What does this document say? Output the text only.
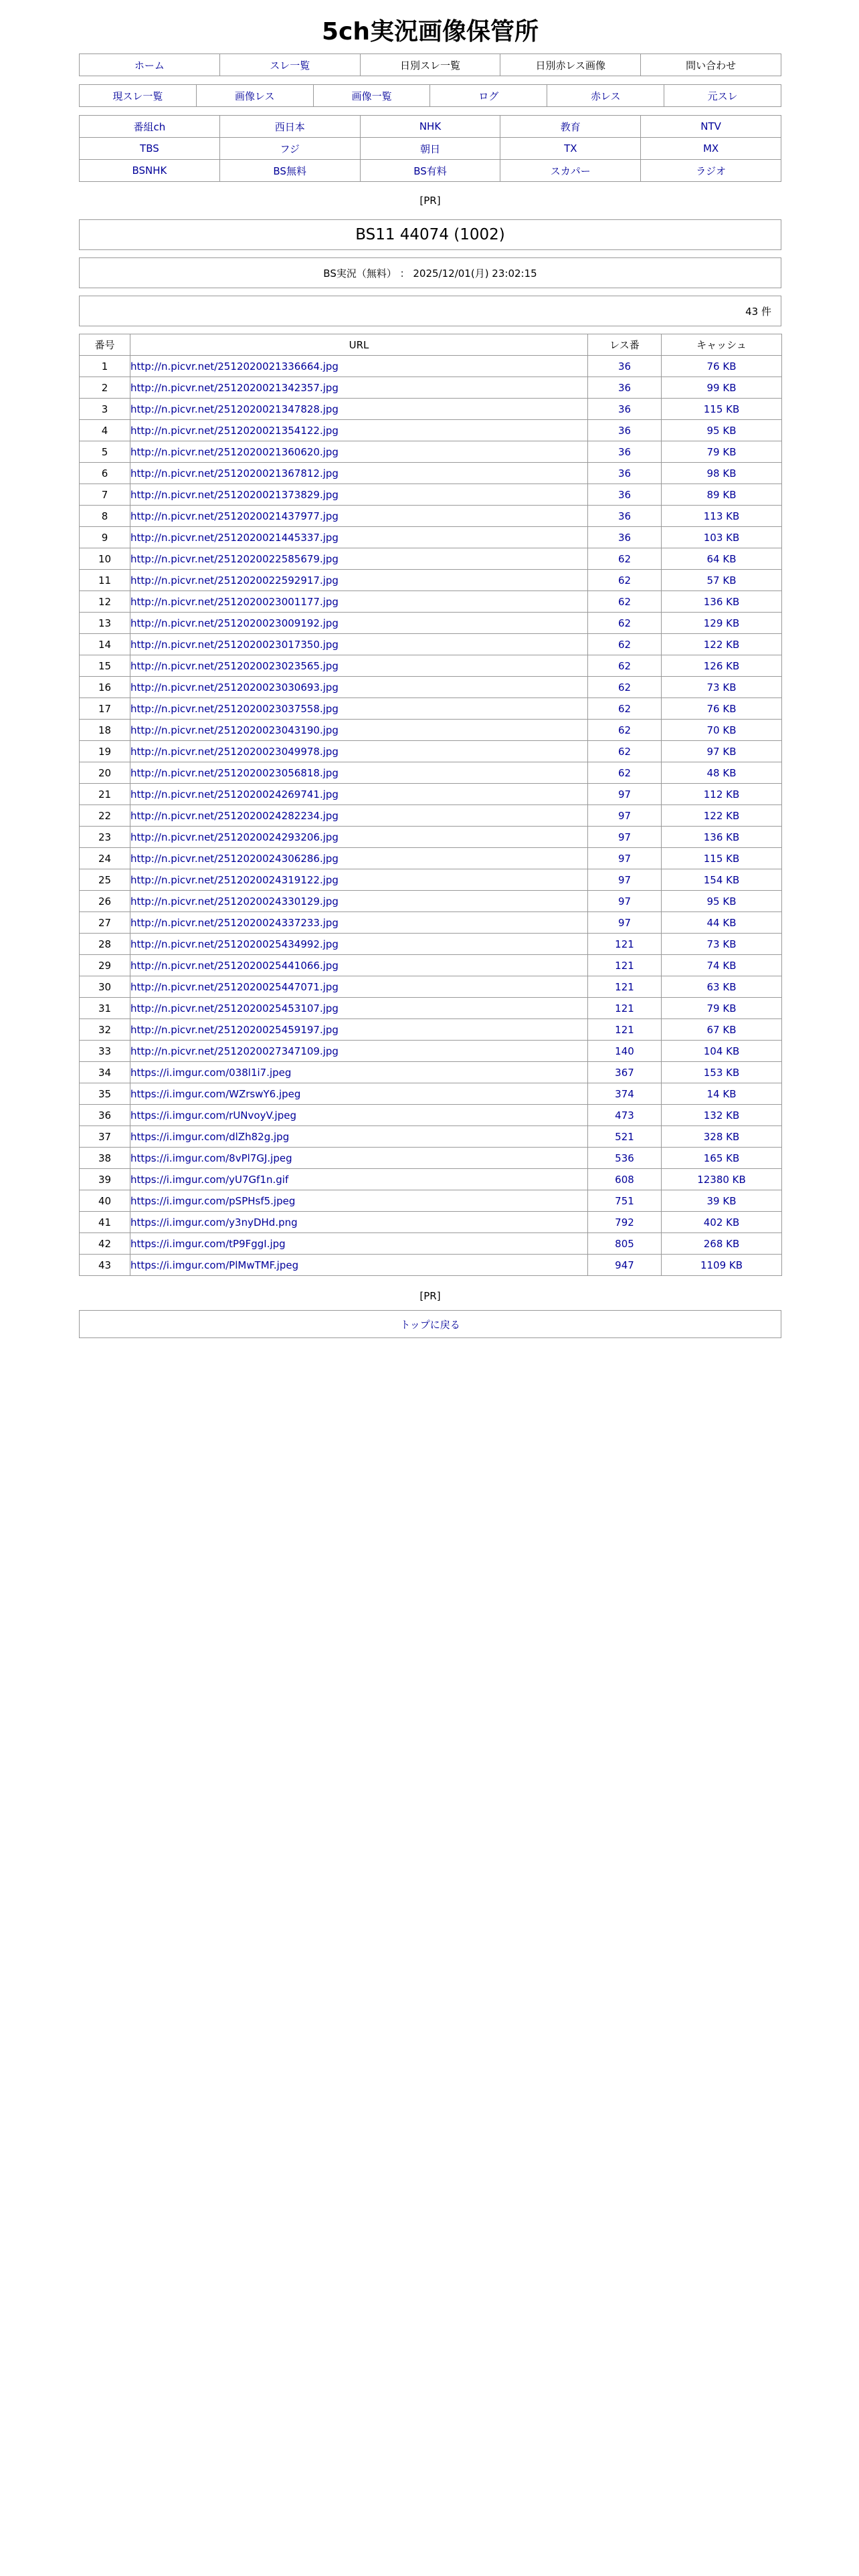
5ch実況画像保管所
ホーム	スレ一覧	日別スレ一覧	日別赤レス画像	問い合わせ
現スレ一覧	画像レス	画像一覧	ログ	赤レス	元スレ
番組ch	西日本	NHK	教育	NTV
TBS	フジ	朝日	TX	MX
BSNHK	BS無料	BS有料	スカパー	ラジオ
[PR]
BS11 44074 (1002)
BS実況（無料） ： 2025/12/01(月) 23:02:15
43 件
番号	URL	レス番	キャッシュ
1	http://n.picvr.net/2512020021336664.jpg	36	76 KB
2	http://n.picvr.net/2512020021342357.jpg	36	99 KB
3	http://n.picvr.net/2512020021347828.jpg	36	115 KB
4	http://n.picvr.net/2512020021354122.jpg	36	95 KB
5	http://n.picvr.net/2512020021360620.jpg	36	79 KB
6	http://n.picvr.net/2512020021367812.jpg	36	98 KB
7	http://n.picvr.net/2512020021373829.jpg	36	89 KB
8	http://n.picvr.net/2512020021437977.jpg	36	113 KB
9	http://n.picvr.net/2512020021445337.jpg	36	103 KB
10	http://n.picvr.net/2512020022585679.jpg	62	64 KB
11	http://n.picvr.net/2512020022592917.jpg	62	57 KB
12	http://n.picvr.net/2512020023001177.jpg	62	136 KB
13	http://n.picvr.net/2512020023009192.jpg	62	129 KB
14	http://n.picvr.net/2512020023017350.jpg	62	122 KB
15	http://n.picvr.net/2512020023023565.jpg	62	126 KB
16	http://n.picvr.net/2512020023030693.jpg	62	73 KB
17	http://n.picvr.net/2512020023037558.jpg	62	76 KB
18	http://n.picvr.net/2512020023043190.jpg	62	70 KB
19	http://n.picvr.net/2512020023049978.jpg	62	97 KB
20	http://n.picvr.net/2512020023056818.jpg	62	48 KB
21	http://n.picvr.net/2512020024269741.jpg	97	112 KB
22	http://n.picvr.net/2512020024282234.jpg	97	122 KB
23	http://n.picvr.net/2512020024293206.jpg	97	136 KB
24	http://n.picvr.net/2512020024306286.jpg	97	115 KB
25	http://n.picvr.net/2512020024319122.jpg	97	154 KB
26	http://n.picvr.net/2512020024330129.jpg	97	95 KB
27	http://n.picvr.net/2512020024337233.jpg	97	44 KB
28	http://n.picvr.net/2512020025434992.jpg	121	73 KB
29	http://n.picvr.net/2512020025441066.jpg	121	74 KB
30	http://n.picvr.net/2512020025447071.jpg	121	63 KB
31	http://n.picvr.net/2512020025453107.jpg	121	79 KB
32	http://n.picvr.net/2512020025459197.jpg	121	67 KB
33	http://n.picvr.net/2512020027347109.jpg	140	104 KB
34	https://i.imgur.com/038l1i7.jpeg	367	153 KB
35	https://i.imgur.com/WZrswY6.jpeg	374	14 KB
36	https://i.imgur.com/rUNvoyV.jpeg	473	132 KB
37	https://i.imgur.com/dlZh82g.jpg	521	328 KB
38	https://i.imgur.com/8vPl7GJ.jpeg	536	165 KB
39	https://i.imgur.com/yU7Gf1n.gif	608	12380 KB
40	https://i.imgur.com/pSPHsf5.jpeg	751	39 KB
41	https://i.imgur.com/y3nyDHd.png	792	402 KB
42	https://i.imgur.com/tP9FggI.jpg	805	268 KB
43	https://i.imgur.com/PlMwTMF.jpeg	947	1109 KB
[PR]
トップに戻る
